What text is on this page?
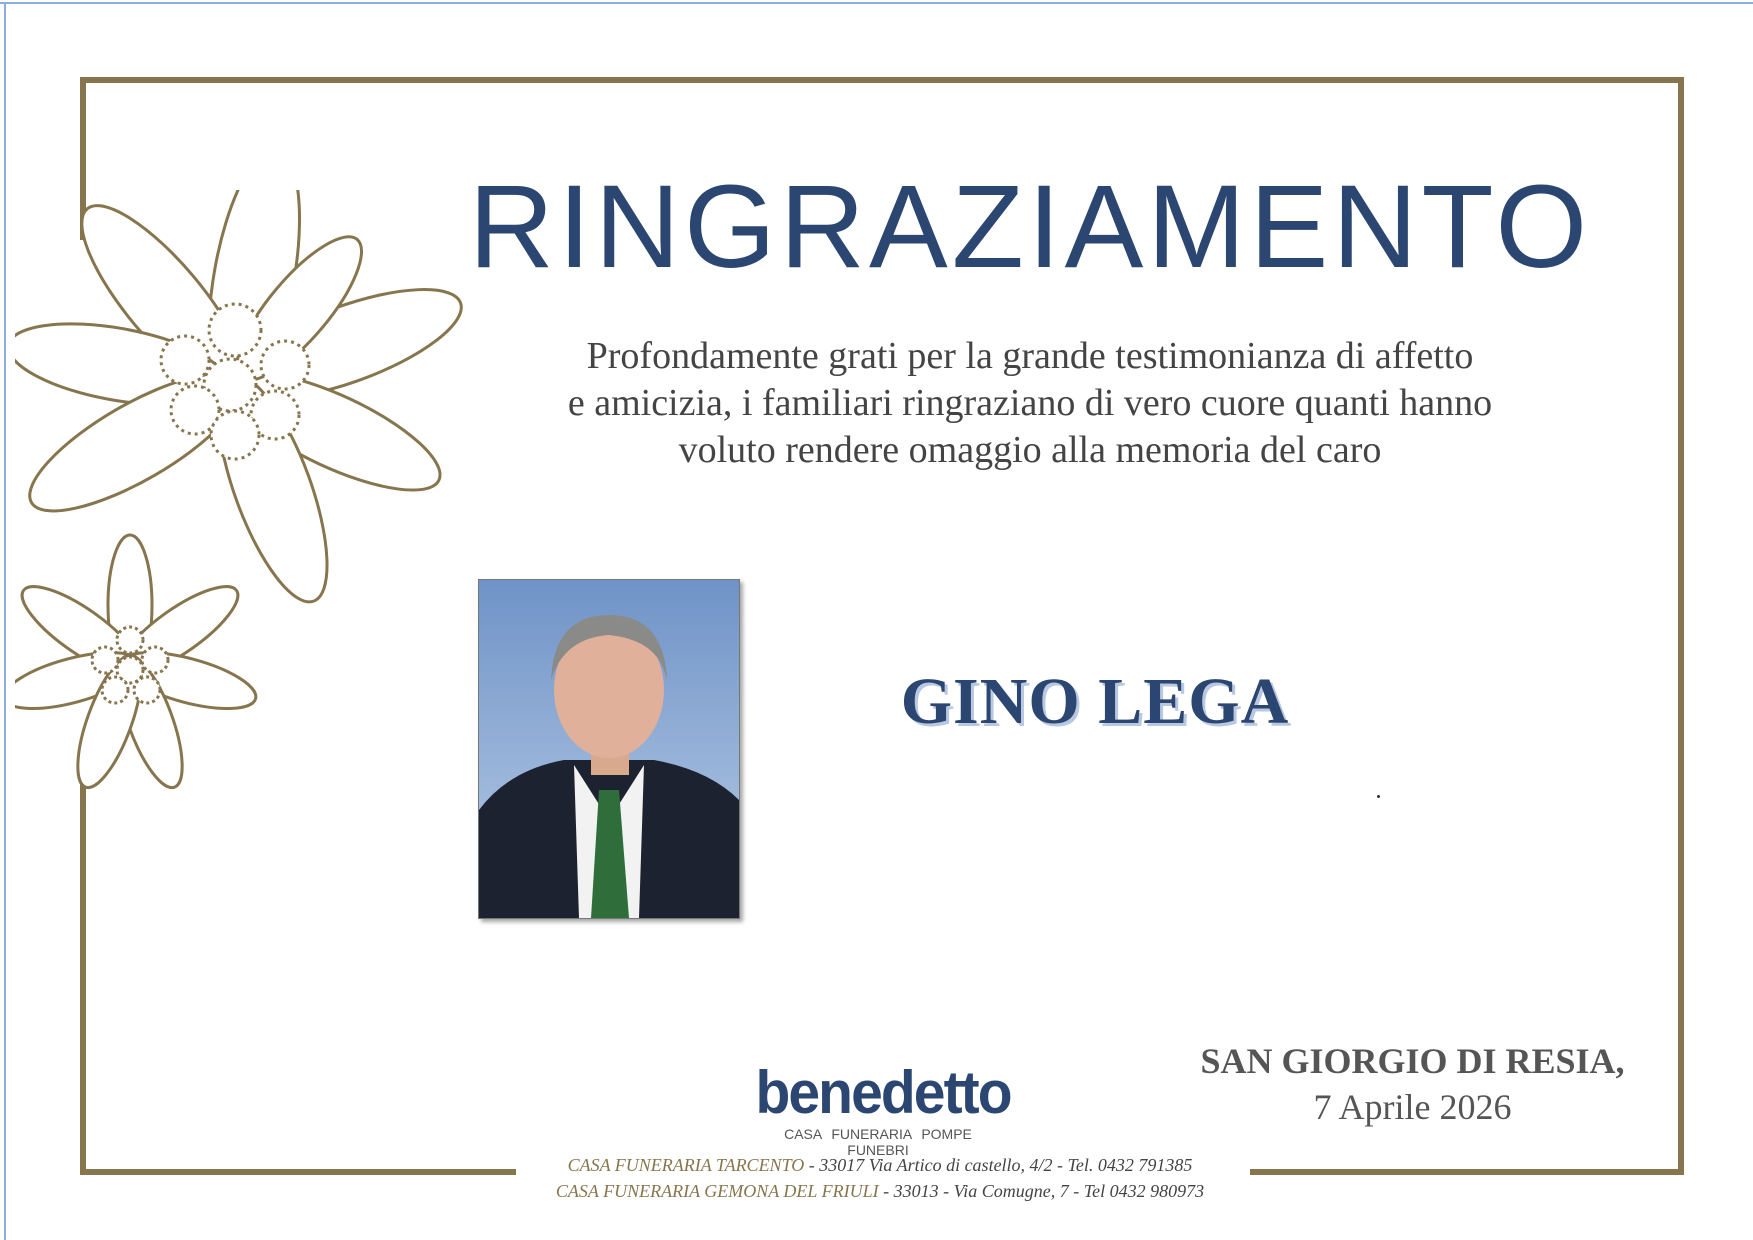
RINGRAZIAMENTO
Profondamente grati per la grande testimonianza di affetto
e amicizia, i familiari ringraziano di vero cuore quanti hanno
voluto rendere omaggio alla memoria del caro
GINO LEGA
benedetto
CASA FUNERARIA POMPE FUNEBRI
SAN GIORGIO DI RESIA,
7 Aprile 2026
CASA FUNERARIA TARCENTO - 33017 Via Artico di castello, 4/2 - Tel. 0432 791385
CASA FUNERARIA GEMONA DEL FRIULI - 33013 - Via Comugne, 7 - Tel 0432 980973
